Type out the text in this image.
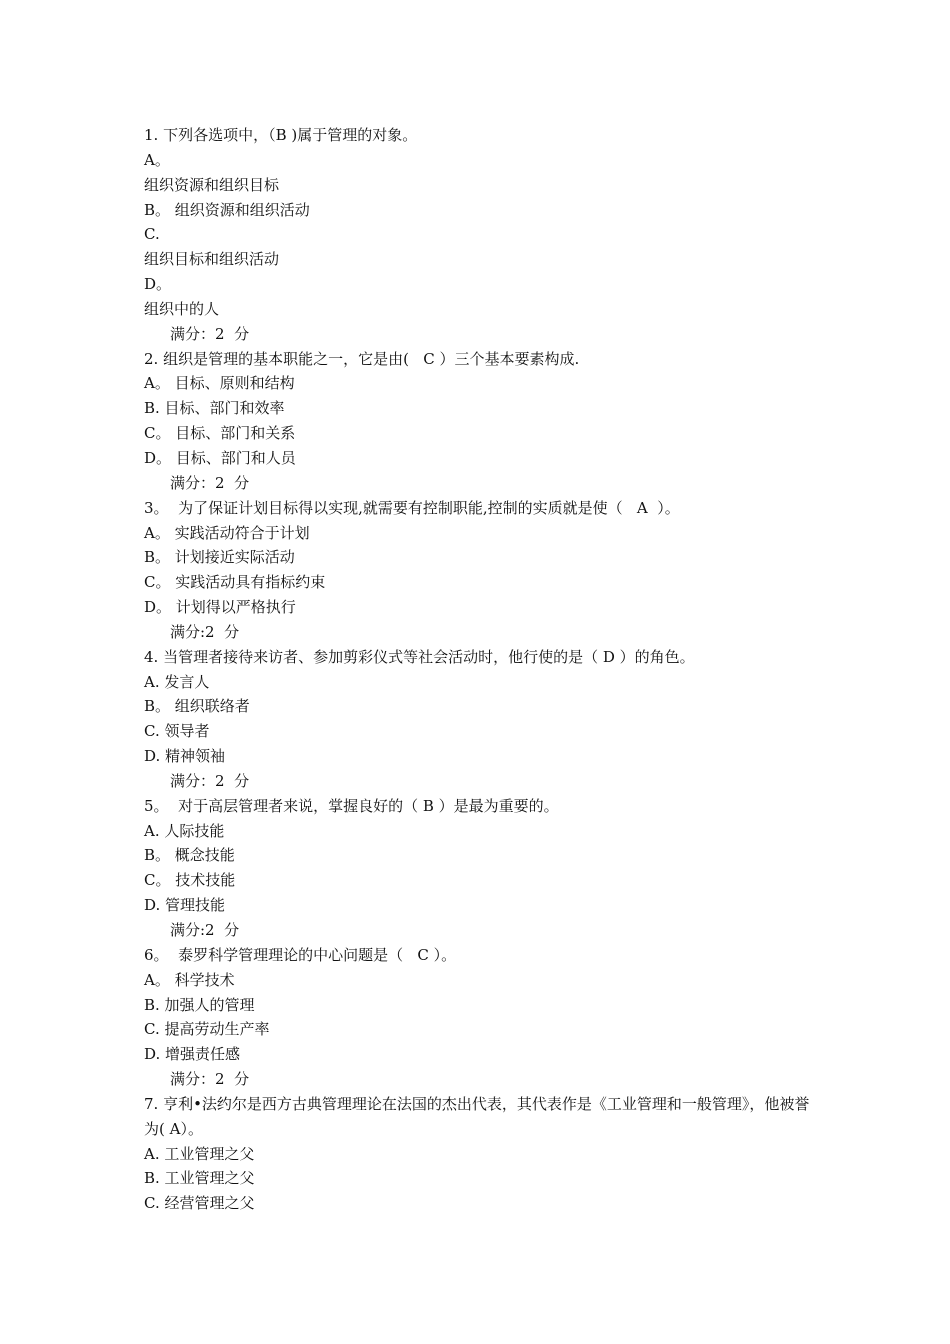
1. 下列各选项中，（B )属于管理的对象。
A。
组织资源和组织目标
B。 组织资源和组织活动
C.
组织目标和组织活动
D。
组织中的人
满分：2  分
2. 组织是管理的基本职能之一，它是由(   C ）三个基本要素构成.
A。 目标、原则和结构
B. 目标、部门和效率
C。 目标、部门和关系
D。 目标、部门和人员
满分：2  分
3。  为了保证计划目标得以实现,就需要有控制职能,控制的实质就是使（   A  ）。
A。 实践活动符合于计划
B。 计划接近实际活动
C。 实践活动具有指标约束
D。 计划得以严格执行
满分:2  分
4. 当管理者接待来访者、参加剪彩仪式等社会活动时，他行使的是（ D ）的角色。
A. 发言人
B。 组织联络者
C. 领导者
D. 精神领袖
满分：2  分
5。  对于高层管理者来说，掌握良好的（ B ）是最为重要的。
A. 人际技能
B。 概念技能
C。 技术技能
D. 管理技能
满分:2  分
6。  泰罗科学管理理论的中心问题是（   C ）。
A。 科学技术
B. 加强人的管理
C. 提高劳动生产率
D. 增强责任感
满分：2  分
7. 亨利•法约尔是西方古典管理理论在法国的杰出代表，其代表作是《工业管理和一般管理》，他被誉为( A）。
A. 工业管理之父
B. 工业管理之父
C. 经营管理之父
